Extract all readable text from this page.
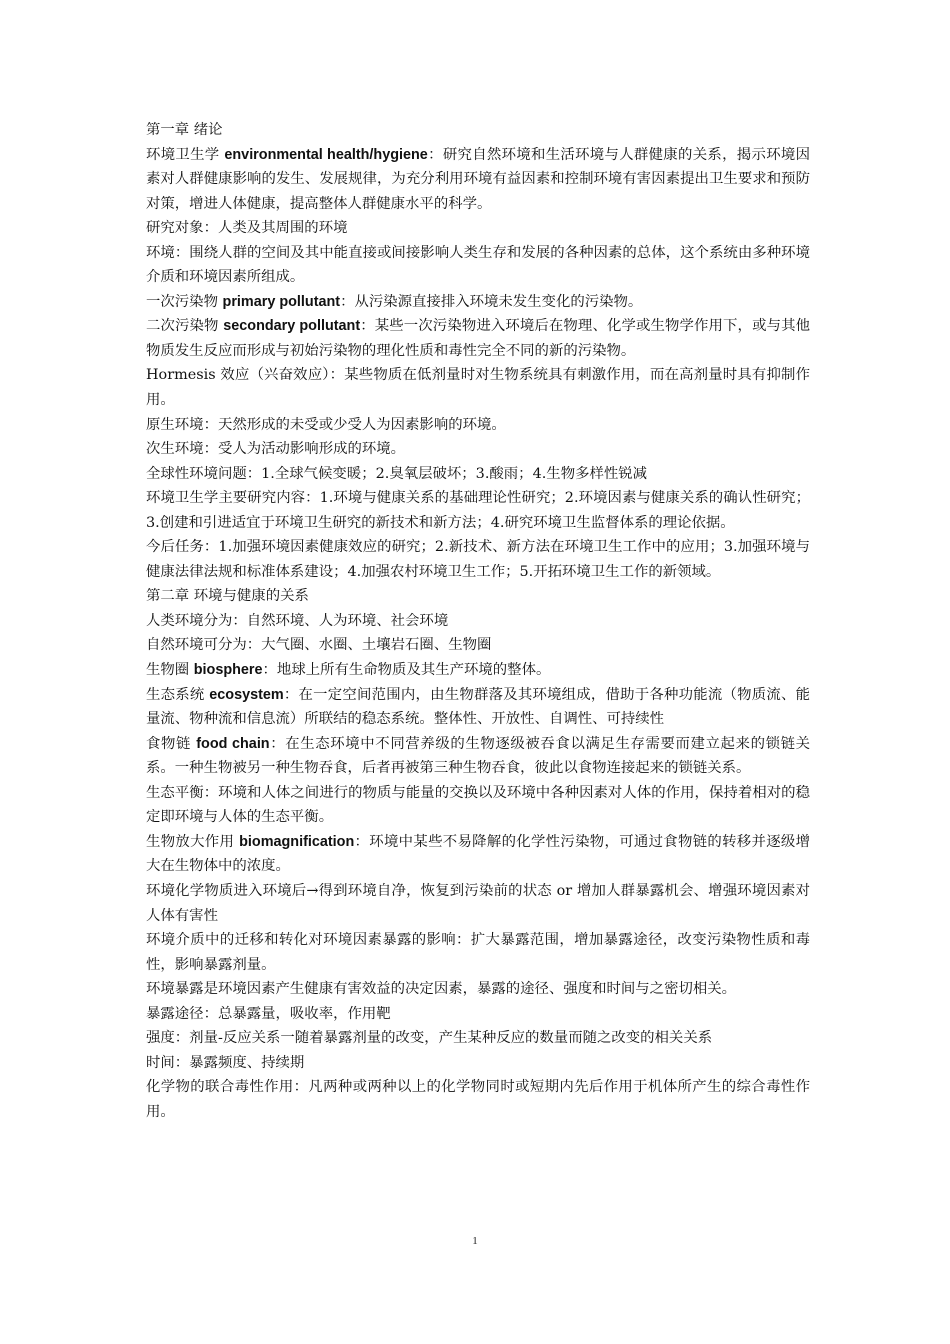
第一章 绪论

环境卫生学 environmental health/hygiene：研究自然环境和生活环境与人群健康的关系，揭示环境因素对人群健康影响的发生、发展规律，为充分利用环境有益因素和控制环境有害因素提出卫生要求和预防对策，增进人体健康，提高整体人群健康水平的科学。

研究对象：人类及其周围的环境

环境：围绕人群的空间及其中能直接或间接影响人类生存和发展的各种因素的总体，这个系统由多种环境介质和环境因素所组成。

一次污染物 primary pollutant：从污染源直接排入环境未发生变化的污染物。

二次污染物 secondary pollutant：某些一次污染物进入环境后在物理、化学或生物学作用下，或与其他物质发生反应而形成与初始污染物的理化性质和毒性完全不同的新的污染物。

Hormesis 效应（兴奋效应）：某些物质在低剂量时对生物系统具有刺激作用，而在高剂量时具有抑制作用。

原生环境：天然形成的未受或少受人为因素影响的环境。

次生环境：受人为活动影响形成的环境。

全球性环境问题：1.全球气候变暖；2.臭氧层破坏；3.酸雨；4.生物多样性锐减

环境卫生学主要研究内容：1.环境与健康关系的基础理论性研究；2.环境因素与健康关系的确认性研究；3.创建和引进适宜于环境卫生研究的新技术和新方法；4.研究环境卫生监督体系的理论依据。

今后任务：1.加强环境因素健康效应的研究；2.新技术、新方法在环境卫生工作中的应用；3.加强环境与健康法律法规和标准体系建设；4.加强农村环境卫生工作；5.开拓环境卫生工作的新领域。

第二章 环境与健康的关系

人类环境分为：自然环境、人为环境、社会环境

自然环境可分为：大气圈、水圈、土壤岩石圈、生物圈

生物圈 biosphere：地球上所有生命物质及其生产环境的整体。

生态系统 ecosystem：在一定空间范围内，由生物群落及其环境组成，借助于各种功能流（物质流、能量流、物种流和信息流）所联结的稳态系统。整体性、开放性、自调性、可持续性

食物链 food chain：在生态环境中不同营养级的生物逐级被吞食以满足生存需要而建立起来的锁链关系。一种生物被另一种生物吞食，后者再被第三种生物吞食，彼此以食物连接起来的锁链关系。

生态平衡：环境和人体之间进行的物质与能量的交换以及环境中各种因素对人体的作用，保持着相对的稳定即环境与人体的生态平衡。

生物放大作用 biomagnification：环境中某些不易降解的化学性污染物，可通过食物链的转移并逐级增大在生物体中的浓度。

环境化学物质进入环境后→得到环境自净，恢复到污染前的状态 or 增加人群暴露机会、增强环境因素对人体有害性

环境介质中的迁移和转化对环境因素暴露的影响：扩大暴露范围，增加暴露途径，改变污染物性质和毒性，影响暴露剂量。

环境暴露是环境因素产生健康有害效益的决定因素，暴露的途径、强度和时间与之密切相关。

暴露途径：总暴露量，吸收率，作用靶

强度：剂量-反应关系一随着暴露剂量的改变，产生某种反应的数量而随之改变的相关关系

时间：暴露频度、持续期

化学物的联合毒性作用：凡两种或两种以上的化学物同时或短期内先后作用于机体所产生的综合毒性作用。

1
